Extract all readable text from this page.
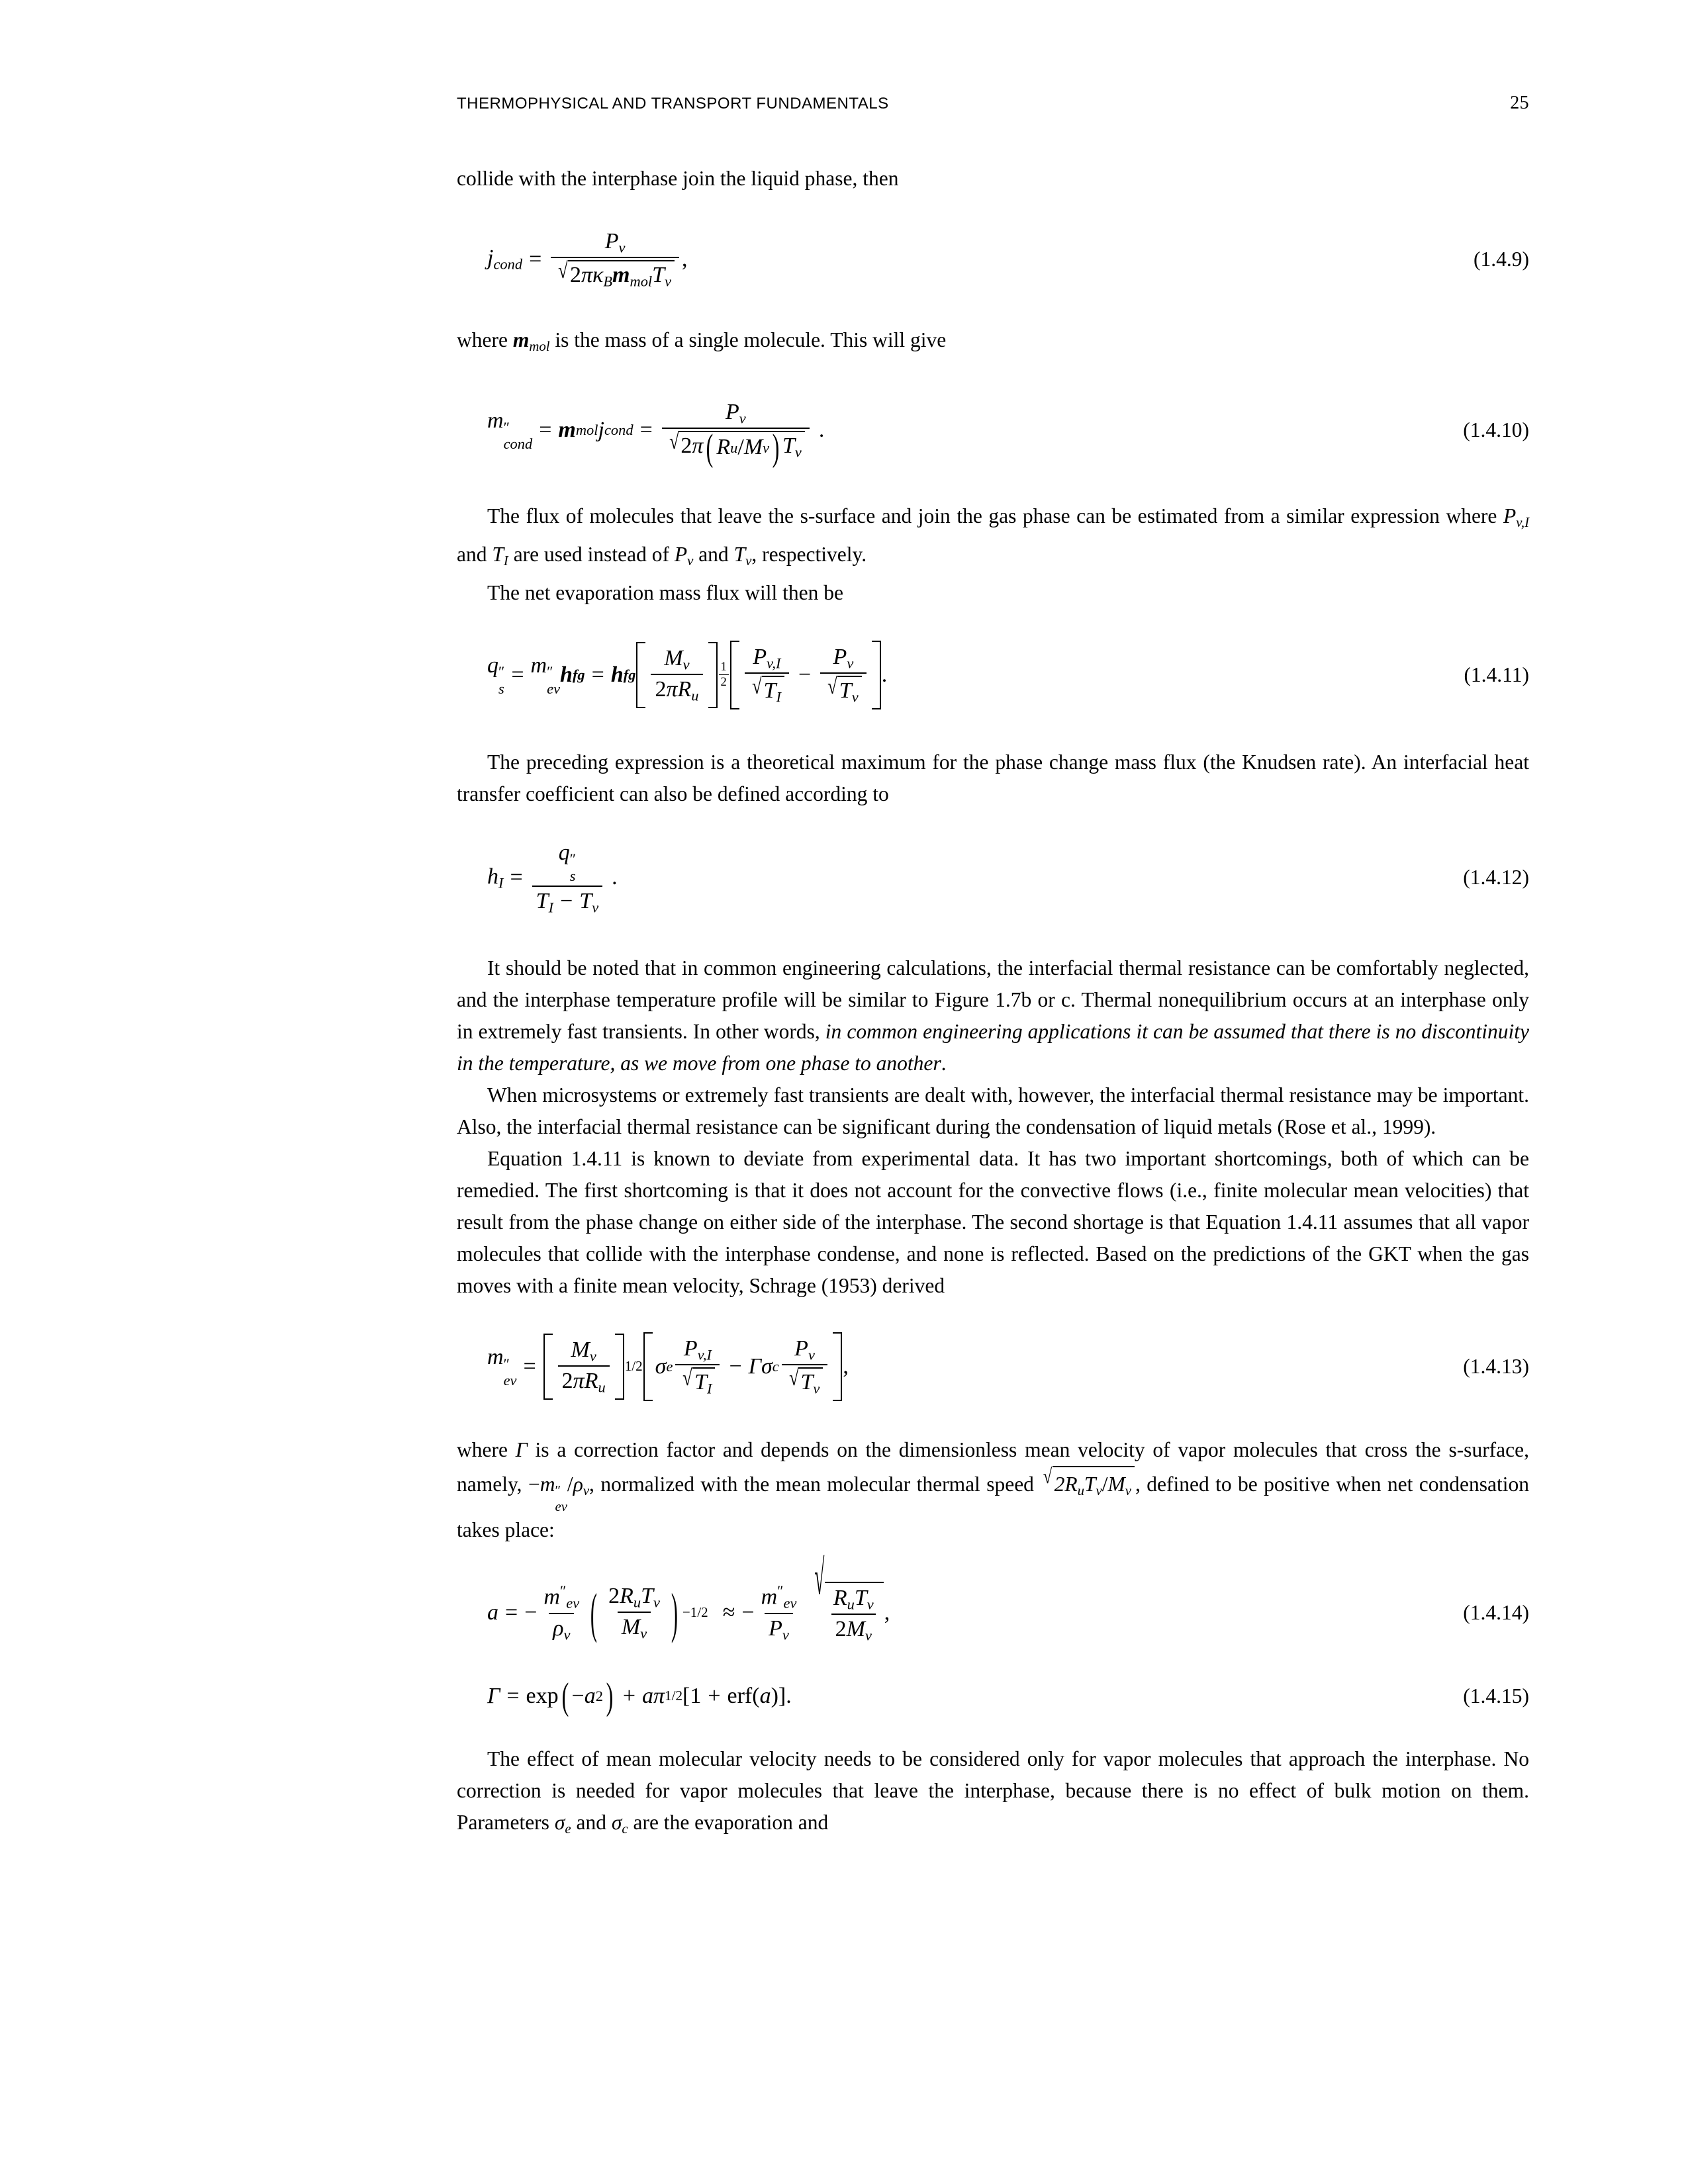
THERMOPHYSICAL AND TRANSPORT FUNDAMENTALS	25

collide with the interphase join the liquid phase, then

$j_{cond} = \frac{P_v}{√ 2\pi\kappa_Bm_{mol}T_v}$ ,	(1.4.9)

where $m_{mol}$ is the mass of a single molecule. This will give

m ″
cond
= m mol j cond = $\frac{P_v}{√ 2\pi ( R u / M v ) T_v}$ .	(1.4.10)

The flux of molecules that leave the s-surface and join the gas phase can be estimated from a similar expression where $P_{v,I}$ and $T_I$ are used instead of $P_v$ and $T_v$, respectively.

The net evaporation mass flux will then be

q ″
s
= m ″
ev
h fg = h fg $\frac{M_v}{2\pi R_u} \frac{1}{2} \frac{P_{v,I}}{√ T_I} - \frac{P_v}{√ T_v}$ .	(1.4.11)

The preceding expression is a theoretical maximum for the phase change mass flux (the Knudsen rate). An interfacial heat transfer coefficient can also be defined according to

$h_I = q$ ″
s
$T_I - T_v$ .	(1.4.12)

It should be noted that in common engineering calculations, the interfacial thermal resistance can be comfortably neglected, and the interphase temperature profile will be similar to Figure 1.7b or c. Thermal nonequilibrium occurs at an interphase only in extremely fast transients. In other words, in common engineering applications it can be assumed that there is no discontinuity in the temperature, as we move from one phase to another.

When microsystems or extremely fast transients are dealt with, however, the interfacial thermal resistance may be important. Also, the interfacial thermal resistance can be significant during the condensation of liquid metals (Rose et al., 1999).

Equation 1.4.11 is known to deviate from experimental data. It has two important shortcomings, both of which can be remedied. The first shortcoming is that it does not account for the convective flows (i.e., finite molecular mean velocities) that result from the phase change on either side of the interphase. The second shortage is that Equation 1.4.11 assumes that all vapor molecules that collide with the interphase condense, and none is reflected. Based on the predictions of the GKT when the gas moves with a finite mean velocity, Schrage (1953) derived

m ″
ev
= $\frac{M_v}{2\pi R_u} 1/2$ σ e $\frac{P_{v,I}}{√ T_I} - \Gamma$ σ c $\frac{P_v}{√ T_v}$ ,	(1.4.13)

where Γ is a correction factor and depends on the dimensionless mean velocity of vapor molecules that cross the s-surface, namely, −m ″
ev
$/\rho_v$, normalized with the mean molecular thermal speed √ $2R_uT_v/M_v$ , defined to be positive when net condensation takes place:

a = − $\frac{m''_{ev}}{\rho_v}$ ( $\frac{2R_uT_v}{M_v}$ ) −1/2 ≈ − $\frac{m''_{ev}}{P_v}$
√
$\frac{R_uT_v}{2M_v}$ ,	(1.4.14)
Γ = exp ( − a 2 ) + a π 1/2 [ 1 + erf ( a ) ] .	(1.4.15)

The effect of mean molecular velocity needs to be considered only for vapor molecules that approach the interphase. No correction is needed for vapor molecules that leave the interphase, because there is no effect of bulk motion on them. Parameters $\sigma_e$ and $\sigma_c$ are the evaporation and
